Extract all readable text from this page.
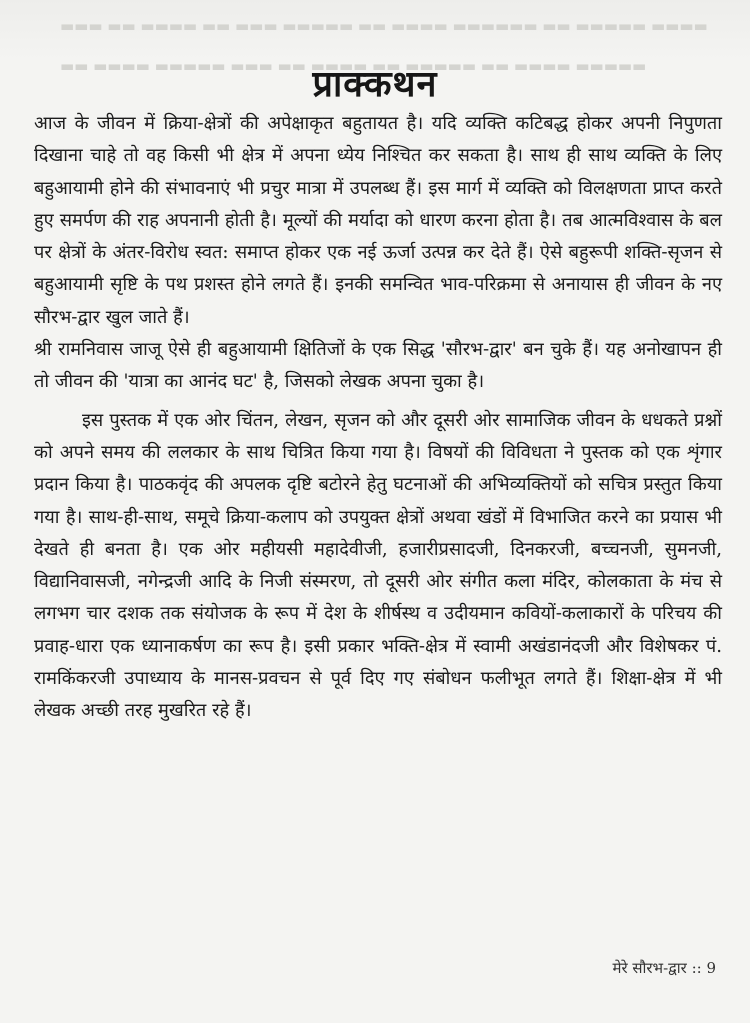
▬▬▬ ▬▬ ▬▬▬▬ ▬▬ ▬▬▬ ▬▬▬▬▬ ▬▬ ▬▬▬▬ ▬▬▬▬▬▬ ▬▬ ▬▬▬▬▬ ▬▬▬▬
▬▬ ▬▬▬▬ ▬▬▬▬▬ ▬▬▬ ▬▬ ▬▬▬▬ ▬▬ ▬▬▬▬▬ ▬▬ ▬▬▬▬ ▬▬▬▬▬
प्राक्कथन

आज के जीवन में क्रिया-क्षेत्रों की अपेक्षाकृत बहुतायत है। यदि व्यक्ति कटिबद्ध होकर अपनी निपुणता दिखाना चाहे तो वह किसी भी क्षेत्र में अपना ध्येय निश्चित कर सकता है। साथ ही साथ व्यक्ति के लिए बहुआयामी होने की संभावनाएं भी प्रचुर मात्रा में उपलब्ध हैं। इस मार्ग में व्यक्ति को विलक्षणता प्राप्त करते हुए समर्पण की राह अपनानी होती है। मूल्यों की मर्यादा को धारण करना होता है। तब आत्मविश्वास के बल पर क्षेत्रों के अंतर-विरोध स्वत: समाप्त होकर एक नई ऊर्जा उत्पन्न कर देते हैं। ऐसे बहुरूपी शक्ति-सृजन से बहुआयामी सृष्टि के पथ प्रशस्त होने लगते हैं। इनकी समन्वित भाव-परिक्रमा से अनायास ही जीवन के नए सौरभ-द्वार खुल जाते हैं।

श्री रामनिवास जाजू ऐसे ही बहुआयामी क्षितिजों के एक सिद्ध 'सौरभ-द्वार' बन चुके हैं। यह अनोखापन ही तो जीवन की 'यात्रा का आनंद घट' है, जिसको लेखक अपना चुका है।

इस पुस्तक में एक ओर चिंतन, लेखन, सृजन को और दूसरी ओर सामाजिक जीवन के धधकते प्रश्नों को अपने समय की ललकार के साथ चित्रित किया गया है। विषयों की विविधता ने पुस्तक को एक शृंगार प्रदान किया है। पाठकवृंद की अपलक दृष्टि बटोरने हेतु घटनाओं की अभिव्यक्तियों को सचित्र प्रस्तुत किया गया है। साथ-ही-साथ, समूचे क्रिया-कलाप को उपयुक्त क्षेत्रों अथवा खंडों में विभाजित करने का प्रयास भी देखते ही बनता है। एक ओर महीयसी महादेवीजी, हजारीप्रसादजी, दिनकरजी, बच्चनजी, सुमनजी, विद्यानिवासजी, नगेन्द्रजी आदि के निजी संस्मरण, तो दूसरी ओर संगीत कला मंदिर, कोलकाता के मंच से लगभग चार दशक तक संयोजक के रूप में देश के शीर्षस्थ व उदीयमान कवियों-कलाकारों के परिचय की प्रवाह-धारा एक ध्यानाकर्षण का रूप है। इसी प्रकार भक्ति-क्षेत्र में स्वामी अखंडानंदजी और विशेषकर पं. रामकिंकरजी उपाध्याय के मानस-प्रवचन से पूर्व दिए गए संबोधन फलीभूत लगते हैं। शिक्षा-क्षेत्र में भी लेखक अच्छी तरह मुखरित रहे हैं।

मेरे सौरभ-द्वार :: 9
